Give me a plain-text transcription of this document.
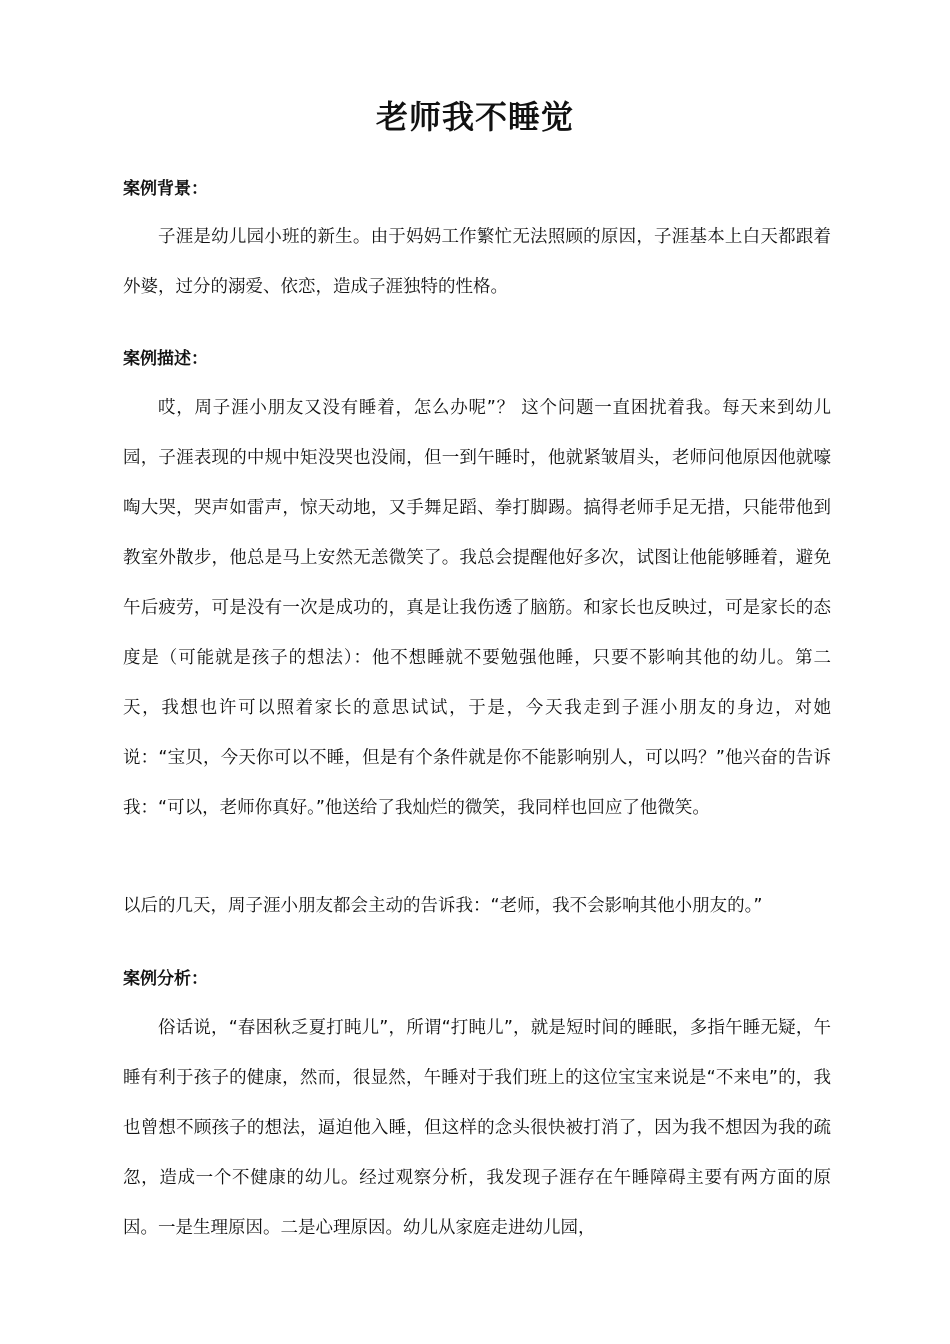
老师我不睡觉
案例背景：

子涯是幼儿园小班的新生。由于妈妈工作繁忙无法照顾的原因，子涯基本上白天都跟着外婆，过分的溺爱、依恋，造成子涯独特的性格。

案例描述：

哎，周子涯小朋友又没有睡着，怎么办呢”？ 这个问题一直困扰着我。每天来到幼儿园，子涯表现的中规中矩没哭也没闹，但一到午睡时，他就紧皱眉头，老师问他原因他就嚎啕大哭，哭声如雷声，惊天动地，又手舞足蹈、拳打脚踢。搞得老师手足无措，只能带他到教室外散步，他总是马上安然无恙微笑了。我总会提醒他好多次，试图让他能够睡着，避免午后疲劳，可是没有一次是成功的，真是让我伤透了脑筋。和家长也反映过，可是家长的态度是（可能就是孩子的想法）：他不想睡就不要勉强他睡，只要不影响其他的幼儿。第二天，我想也许可以照着家长的意思试试，于是，今天我走到子涯小朋友的身边，对她说：“宝贝，今天你可以不睡，但是有个条件就是你不能影响别人，可以吗？”他兴奋的告诉我：“可以，老师你真好。”他送给了我灿烂的微笑，我同样也回应了他微笑。

以后的几天，周子涯小朋友都会主动的告诉我：“老师，我不会影响其他小朋友的。”

案例分析：

俗话说，“春困秋乏夏打盹儿”，所谓“打盹儿”，就是短时间的睡眠，多指午睡无疑，午睡有利于孩子的健康，然而，很显然，午睡对于我们班上的这位宝宝来说是“不来电”的，我也曾想不顾孩子的想法，逼迫他入睡，但这样的念头很快被打消了，因为我不想因为我的疏忽，造成一个不健康的幼儿。经过观察分析，我发现子涯存在午睡障碍主要有两方面的原因。一是生理原因。二是心理原因。幼儿从家庭走进幼儿园，
